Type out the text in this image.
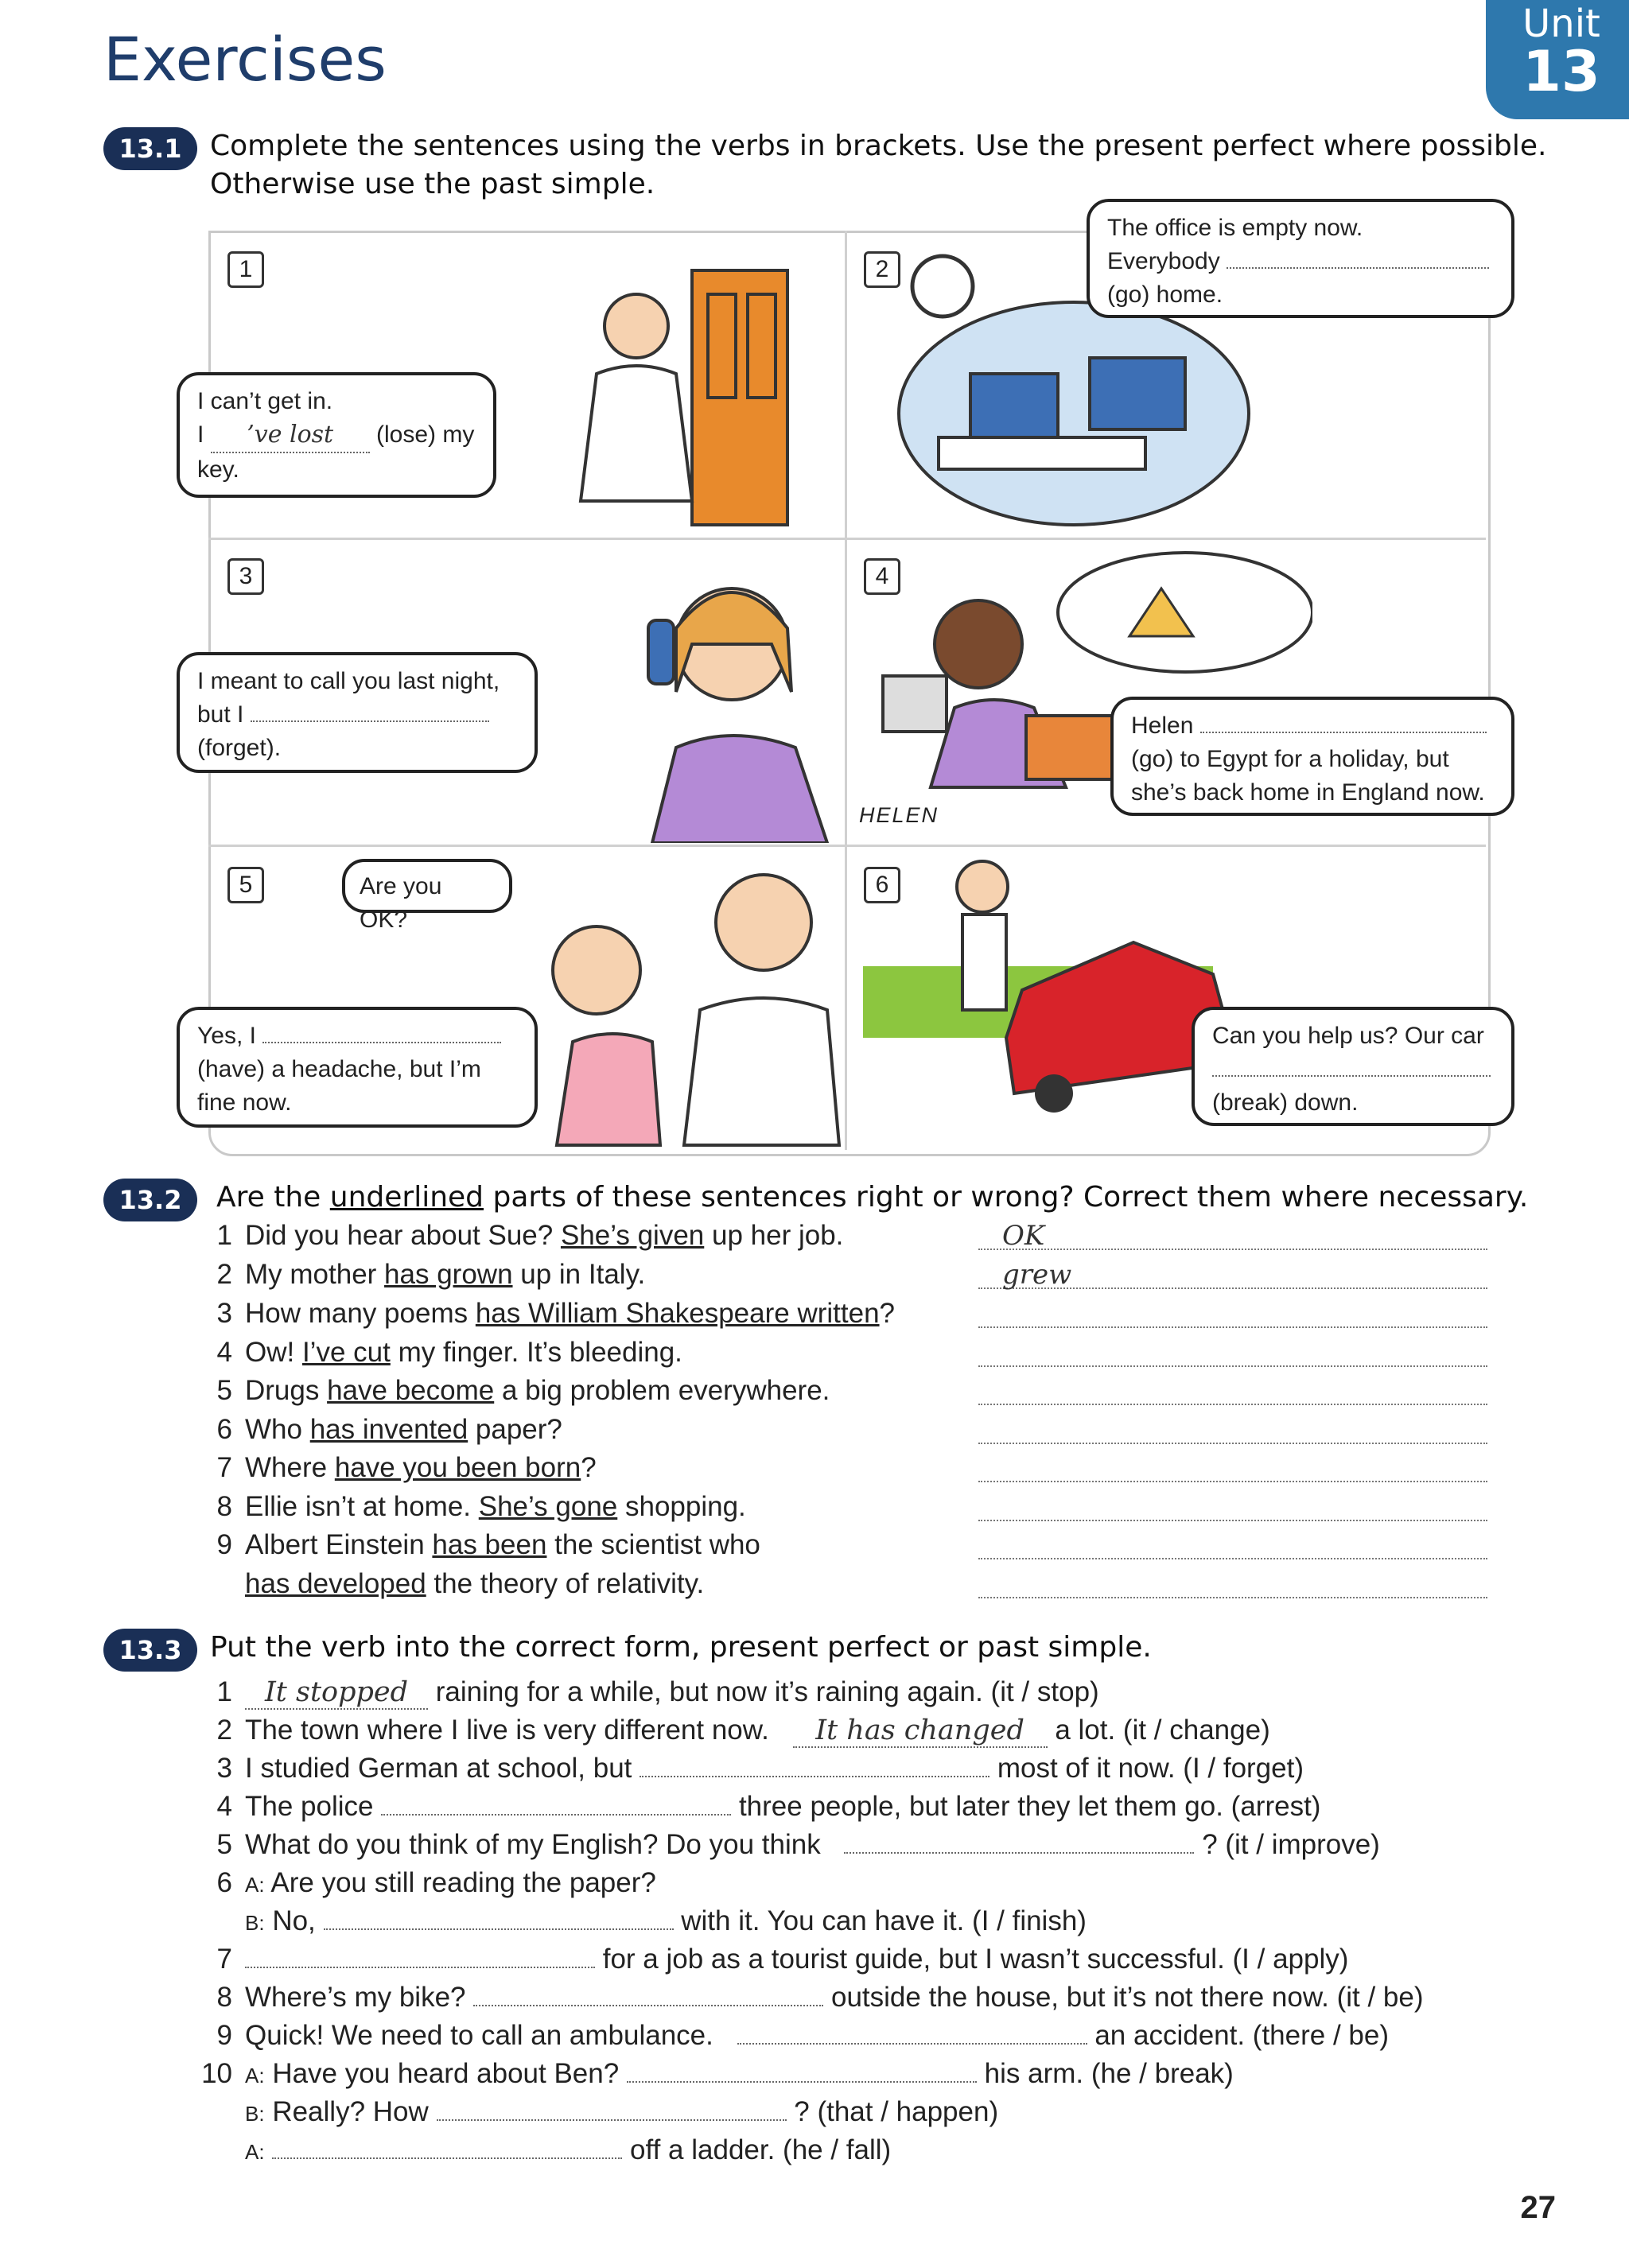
Exercises	Unit
13
13.1 Complete the sentences using the verbs in brackets. Use the present perfect where possible.
Otherwise use the past simple.
1	2
3	4
5	6
I can’t get in.
I ’ve lost (lose) my
key.
The office is empty now.
Everybody
(go) home.
I meant to call you last night,
but I
(forget).
HELEN
Helen
(go) to Egypt for a holiday, but
she’s back home in England now.
Are you OK?
Yes, I
(have) a headache, but I’m
fine now.
Can you help us? Our car
(break) down.
13.2	Are the underlined parts of these sentences right or wrong? Correct them where necessary.
1 Did you hear about Sue? She’s given up her job.	OK
2 My mother has grown up in Italy.	grew
3 How many poems has William Shakespeare written?
4 Ow! I’ve cut my finger. It’s bleeding.
5 Drugs have become a big problem everywhere.
6 Who has invented paper?
7 Where have you been born?
8 Ellie isn’t at home. She’s gone shopping.
9 Albert Einstein has been the scientist who
has developed the theory of relativity.
13.3 Put the verb into the correct form, present perfect or past simple.
1 It stopped raining for a while, but now it’s raining again. (it / stop)
2 The town where I live is very different now. It has changed a lot. (it / change)
3 I studied German at school, but	most of it now. (I / forget)
4 The police	three people, but later they let them go. (arrest)
5 What do you think of my English? Do you think	? (it / improve)
6 A: Are you still reading the paper?
B: No,	with it. You can have it. (I / finish)
7	for a job as a tourist guide, but I wasn’t successful. (I / apply)
8 Where’s my bike?	outside the house, but it’s not there now. (it / be)
9 Quick! We need to call an ambulance.	an accident. (there / be)
10 A: Have you heard about Ben?	his arm. (he / break)
B: Really? How	? (that / happen)
A:	off a ladder. (he / fall)
27
